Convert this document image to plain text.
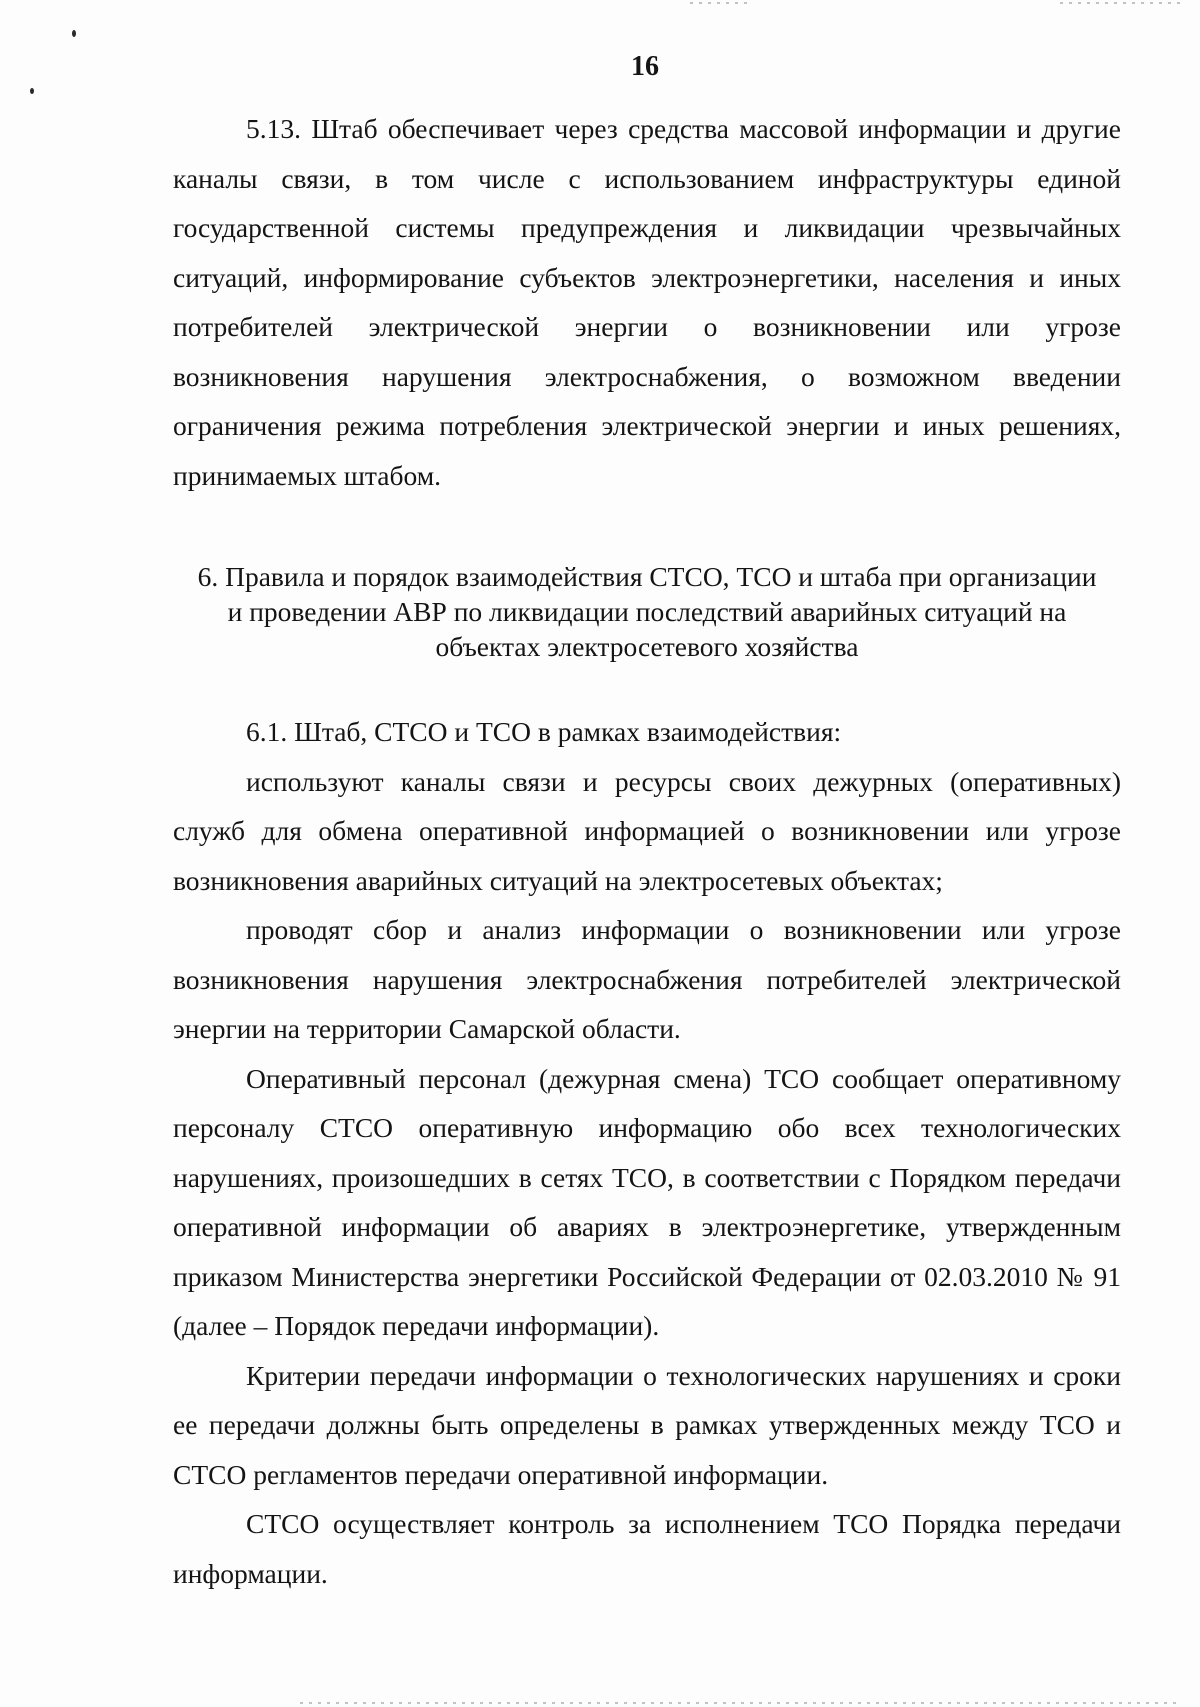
16

5.13. Штаб обеспечивает через средства массовой информации и другие каналы связи, в том числе с использованием инфраструктуры единой государственной системы предупреждения и ликвидации чрезвычайных ситуаций, информирование субъектов электроэнергетики, населения и иных потребителей электрической энергии о возникновении или угрозе возникновения нарушения электроснабжения, о возможном введении ограничения режима потребления электрической энергии и иных решениях, принимаемых штабом.

6. Правила и порядок взаимодействия СТСО, ТСО и штаба при организации
и проведении АВР по ликвидации последствий аварийных ситуаций на
объектах электросетевого хозяйства

6.1. Штаб, СТСО и ТСО в рамках взаимодействия:

используют каналы связи и ресурсы своих дежурных (оперативных) служб для обмена оперативной информацией о возникновении или угрозе возникновения аварийных ситуаций на электросетевых объектах;

проводят сбор и анализ информации о возникновении или угрозе возникновения нарушения электроснабжения потребителей электрической энергии на территории Самарской области.

Оперативный персонал (дежурная смена) ТСО сообщает оперативному персоналу СТСО оперативную информацию обо всех технологических нарушениях, произошедших в сетях ТСО, в соответствии с Порядком передачи оперативной информации об авариях в электроэнергетике, утвержденным приказом Министерства энергетики Российской Федерации от 02.03.2010 № 91 (далее – Порядок передачи информации).

Критерии передачи информации о технологических нарушениях и сроки ее передачи должны быть определены в рамках утвержденных между ТСО и СТСО регламентов передачи оперативной информации.

СТСО осуществляет контроль за исполнением ТСО Порядка передачи информации.
